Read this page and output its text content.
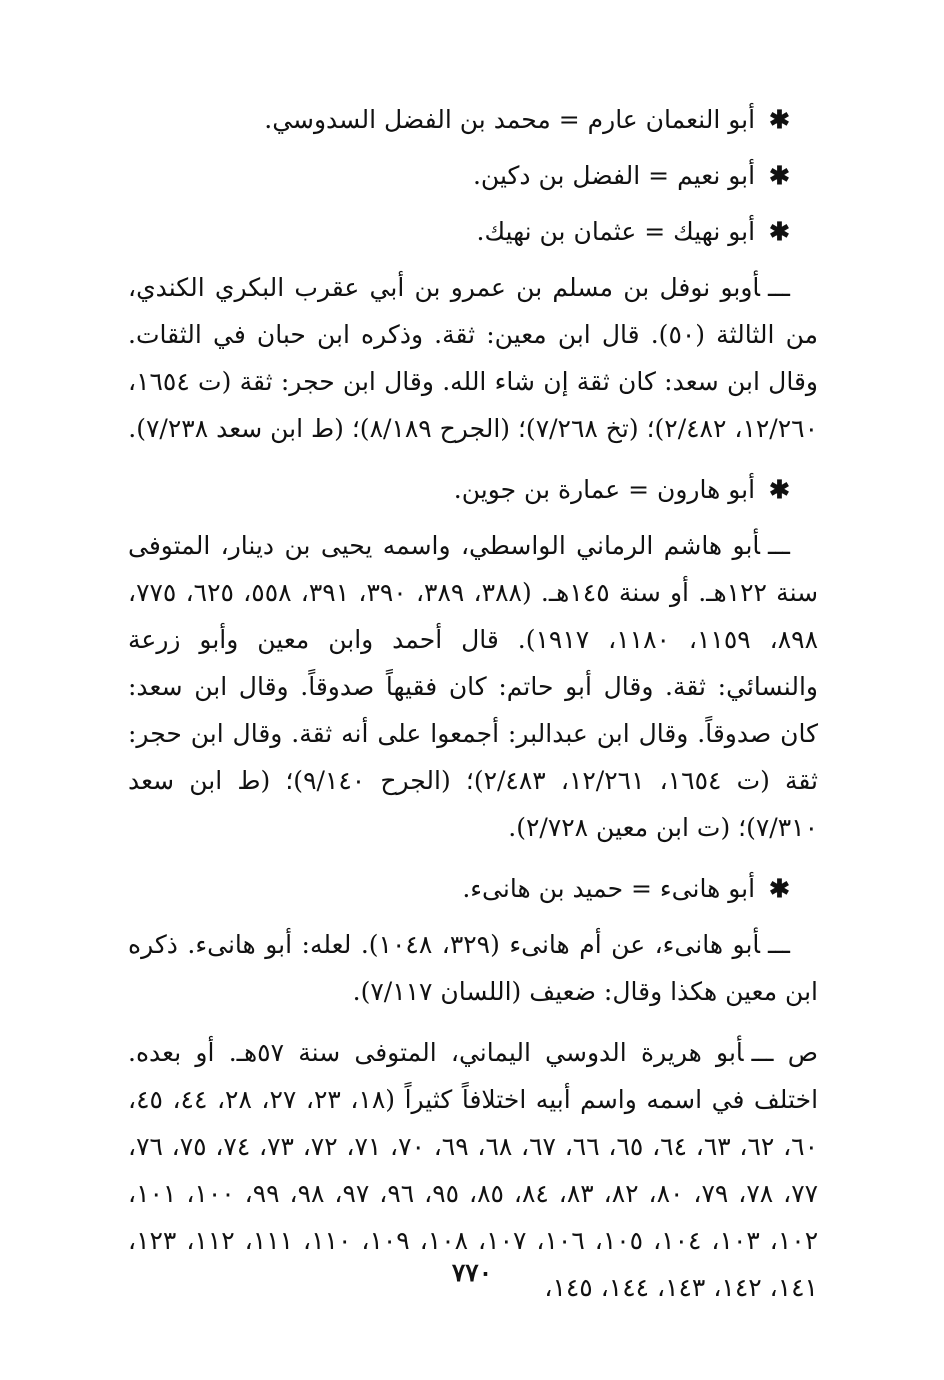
✱أبو النعمان عارم = محمد بن الفضل السدوسي.

✱أبو نعيم = الفضل بن دكين.

✱أبو نهيك = عثمان بن نهيك.

ـــأوبو نوفل بن مسلم بن عمرو بن أبي عقرب البكري الكندي، من الثالثة (٥٠). قال ابن معين: ثقة. وذكره ابن حبان في الثقات. وقال ابن سعد: كان ثقة إن شاء الله. وقال ابن حجر: ثقة (ت ١٦٥٤، ١٢/٢٦٠، ٢/٤٨٢)؛ (تخ ٧/٢٦٨)؛ (الجرح ٨/١٨٩)؛ (ط ابن سعد ٧/٢٣٨).

✱أبو هارون = عمارة بن جوين.

ـــأبو هاشم الرماني الواسطي، واسمه يحيى بن دينار، المتوفى سنة ١٢٢هـ. أو سنة ١٤٥هـ. (٣٨٨، ٣٨٩، ٣٩٠، ٣٩١، ٥٥٨، ٦٢٥، ٧٧٥، ٨٩٨، ١١٥٩، ١١٨٠، ١٩١٧). قال أحمد وابن معين وأبو زرعة والنسائي: ثقة. وقال أبو حاتم: كان فقيهاً صدوقاً. وقال ابن سعد: كان صدوقاً. وقال ابن عبدالبر: أجمعوا على أنه ثقة. وقال ابن حجر: ثقة (ت ١٦٥٤، ١٢/٢٦١، ٢/٤٨٣)؛ (الجرح ٩/١٤٠)؛ (ط ابن سعد ٧/٣١٠)؛ (ت ابن معين ٢/٧٢٨).

✱أبو هانىء = حميد بن هانىء.

ـــأبو هانىء، عن أم هانىء (٣٢٩، ١٠٤٨). لعله: أبو هانىء. ذكره ابن معين هكذا وقال: ضعيف (اللسان ٧/١١٧).

ص ـــأبو هريرة الدوسي اليماني، المتوفى سنة ٥٧هـ. أو بعده. اختلف في اسمه واسم أبيه اختلافاً كثيراً (١٨، ٢٣، ٢٧، ٢٨، ٤٤، ٤٥، ٦٠، ٦٢، ٦٣، ٦٤، ٦٥، ٦٦، ٦٧، ٦٨، ٦٩، ٧٠، ٧١، ٧٢، ٧٣، ٧٤، ٧٥، ٧٦، ٧٧، ٧٨، ٧٩، ٨٠، ٨٢، ٨٣، ٨٤، ٨٥، ٩٥، ٩٦، ٩٧، ٩٨، ٩٩، ١٠٠، ١٠١، ١٠٢، ١٠٣، ١٠٤، ١٠٥، ١٠٦، ١٠٧، ١٠٨، ١٠٩، ١١٠، ١١١، ١١٢، ١٢٣، ١٤١، ١٤٢، ١٤٣، ١٤٤، ١٤٥،

٧٧٠
